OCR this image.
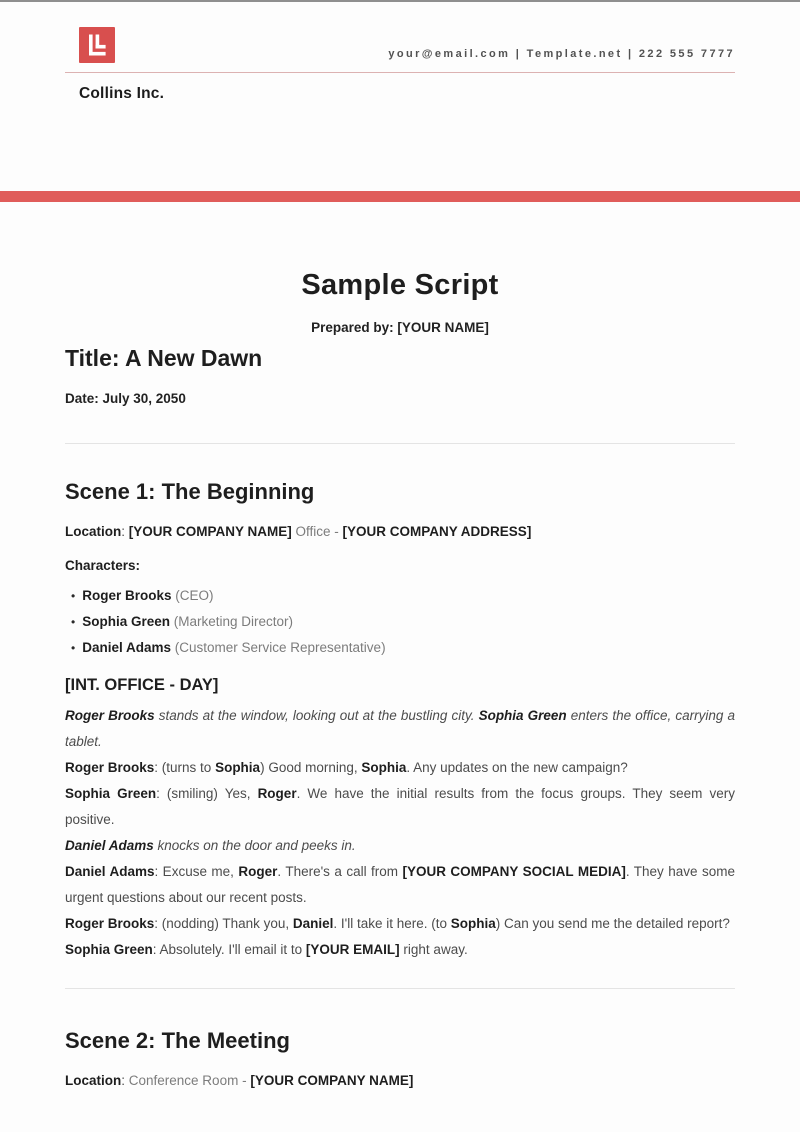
your@email.com | Template.net | 222 555 7777
Collins Inc.
Sample Script
Prepared by: [YOUR NAME]
Title: A New Dawn
Date: July 30, 2050
Scene 1: The Beginning

Location: [YOUR COMPANY NAME] Office - [YOUR COMPANY ADDRESS]

Characters:
• Roger Brooks (CEO)
• Sophia Green (Marketing Director)
• Daniel Adams (Customer Service Representative)
[INT. OFFICE - DAY]

Roger Brooks stands at the window, looking out at the bustling city. Sophia Green enters the office, carrying a tablet.

Roger Brooks: (turns to Sophia) Good morning, Sophia. Any updates on the new campaign?

Sophia Green: (smiling) Yes, Roger. We have the initial results from the focus groups. They seem very positive.

Daniel Adams knocks on the door and peeks in.

Daniel Adams: Excuse me, Roger. There's a call from [YOUR COMPANY SOCIAL MEDIA]. They have some urgent questions about our recent posts.

Roger Brooks: (nodding) Thank you, Daniel. I'll take it here. (to Sophia) Can you send me the detailed report?

Sophia Green: Absolutely. I'll email it to [YOUR EMAIL] right away.

Scene 2: The Meeting

Location: Conference Room - [YOUR COMPANY NAME]
